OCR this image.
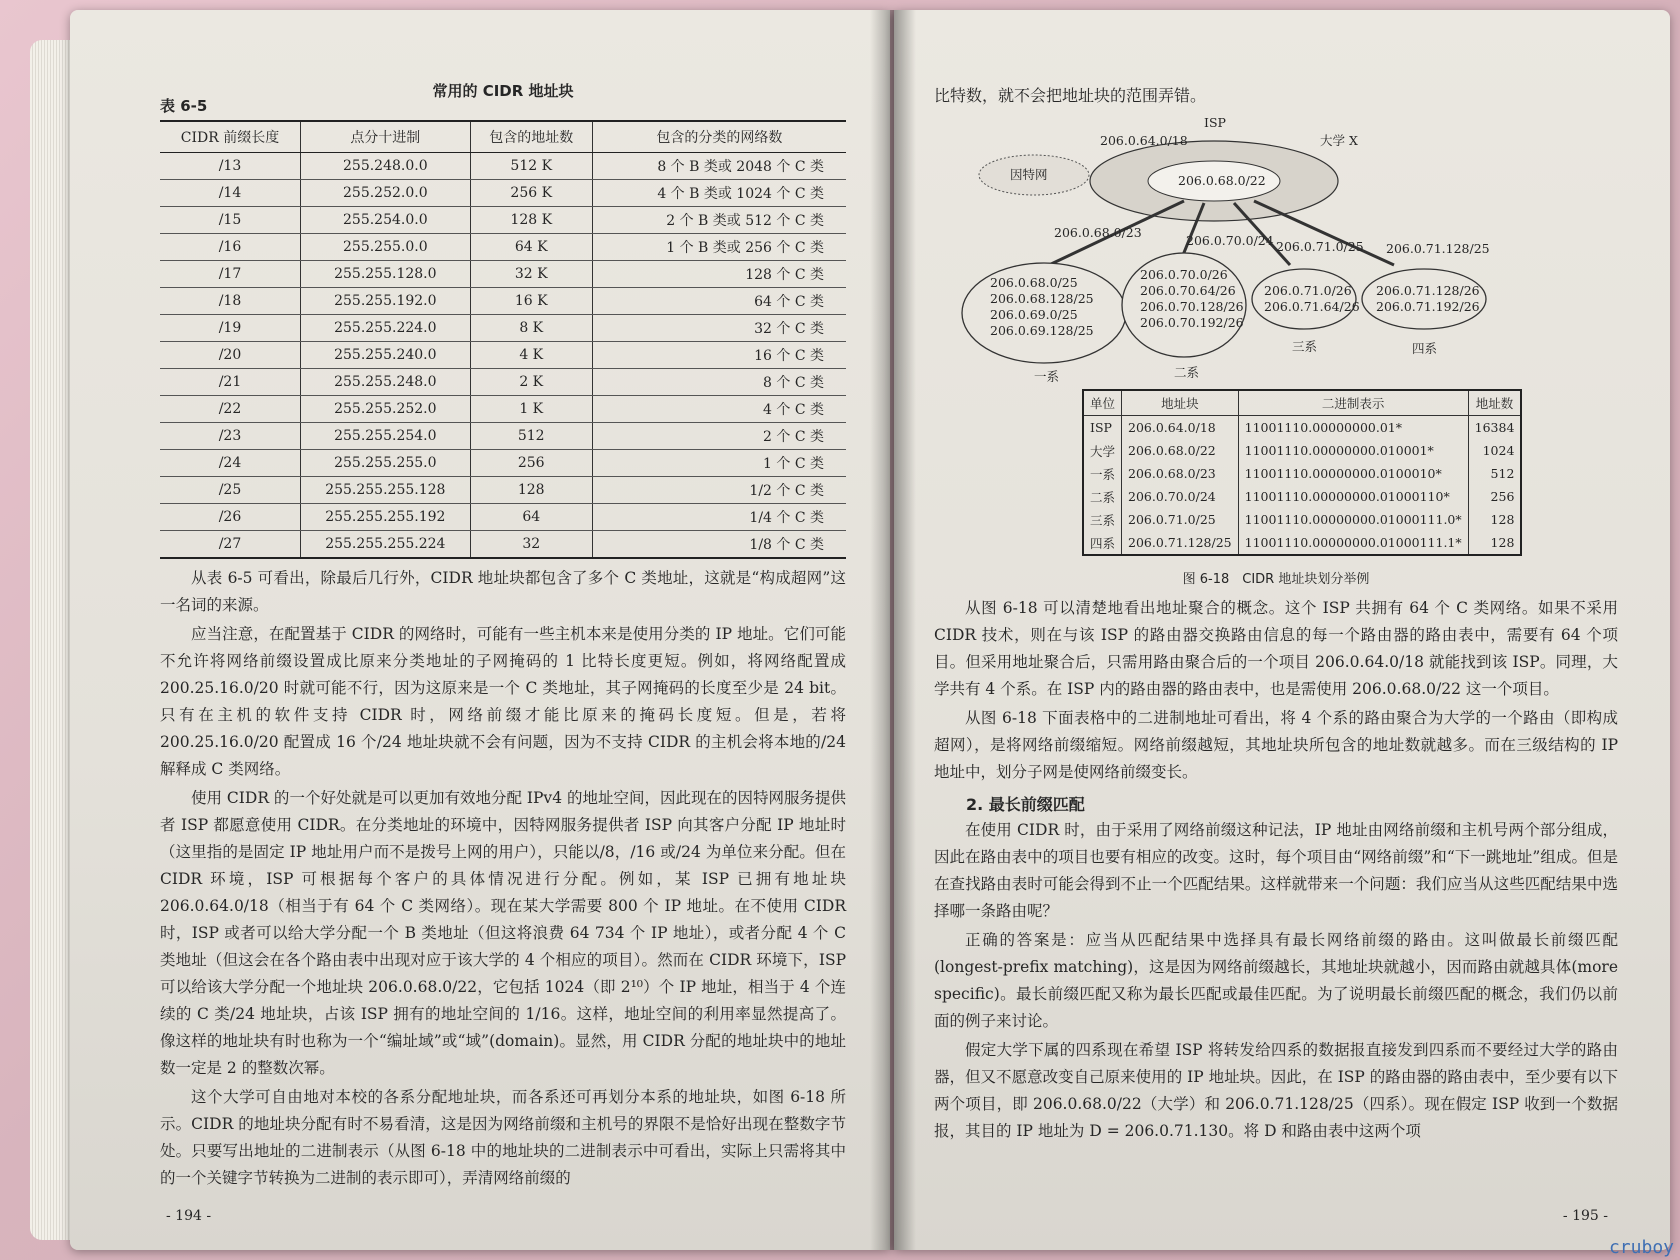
常用的 CIDR 地址块
表 6-5
CIDR 前缀长度	点分十进制	包含的地址数	包含的分类的网络数
/13	255.248.0.0	512 K	8 个 B 类或 2048 个 C 类
/14	255.252.0.0	256 K	4 个 B 类或 1024 个 C 类
/15	255.254.0.0	128 K	2 个 B 类或 512 个 C 类
/16	255.255.0.0	64 K	1 个 B 类或 256 个 C 类
/17	255.255.128.0	32 K	128 个 C 类
/18	255.255.192.0	16 K	64 个 C 类
/19	255.255.224.0	8 K	32 个 C 类
/20	255.255.240.0	4 K	16 个 C 类
/21	255.255.248.0	2 K	8 个 C 类
/22	255.255.252.0	1 K	4 个 C 类
/23	255.255.254.0	512	2 个 C 类
/24	255.255.255.0	256	1 个 C 类
/25	255.255.255.128	128	1/2 个 C 类
/26	255.255.255.192	64	1/4 个 C 类
/27	255.255.255.224	32	1/8 个 C 类

从表 6-5 可看出，除最后几行外，CIDR 地址块都包含了多个 C 类地址，这就是“构成超网”这一名词的来源。

应当注意，在配置基于 CIDR 的网络时，可能有一些主机本来是使用分类的 IP 地址。它们可能不允许将网络前缀设置成比原来分类地址的子网掩码的 1 比特长度更短。例如，将网络配置成 200.25.16.0/20 时就可能不行，因为这原来是一个 C 类地址，其子网掩码的长度至少是 24 bit。只有在主机的软件支持 CIDR 时，网络前缀才能比原来的掩码长度短。但是，若将 200.25.16.0/20 配置成 16 个/24 地址块就不会有问题，因为不支持 CIDR 的主机会将本地的/24 解释成 C 类网络。

使用 CIDR 的一个好处就是可以更加有效地分配 IPv4 的地址空间，因此现在的因特网服务提供者 ISP 都愿意使用 CIDR。在分类地址的环境中，因特网服务提供者 ISP 向其客户分配 IP 地址时（这里指的是固定 IP 地址用户而不是拨号上网的用户），只能以/8，/16 或/24 为单位来分配。但在 CIDR 环境，ISP 可根据每个客户的具体情况进行分配。例如，某 ISP 已拥有地址块 206.0.64.0/18（相当于有 64 个 C 类网络）。现在某大学需要 800 个 IP 地址。在不使用 CIDR 时，ISP 或者可以给大学分配一个 B 类地址（但这将浪费 64 734 个 IP 地址），或者分配 4 个 C 类地址（但这会在各个路由表中出现对应于该大学的 4 个相应的项目）。然而在 CIDR 环境下，ISP 可以给该大学分配一个地址块 206.0.68.0/22，它包括 1024（即 2¹⁰）个 IP 地址，相当于 4 个连续的 C 类/24 地址块，占该 ISP 拥有的地址空间的 1/16。这样，地址空间的利用率显然提高了。像这样的地址块有时也称为一个“编址域”或“域”(domain)。显然，用 CIDR 分配的地址块中的地址数一定是 2 的整数次幂。

这个大学可自由地对本校的各系分配地址块，而各系还可再划分本系的地址块，如图 6-18 所示。CIDR 的地址块分配有时不易看清，这是因为网络前缀和主机号的界限不是恰好出现在整数字节处。只要写出地址的二进制表示（从图 6-18 中的地址块的二进制表示中可看出，实际上只需将其中的一个关键字节转换为二进制的表示即可），弄清网络前缀的

- 194 -

比特数，就不会把地址块的范围弄错。

ISP
因特网
206.0.64.0/18	大学 X
206.0.68.0/22
206.0.68.0/23
206.0.70.0/24 206.0.71.0/25 206.0.71.128/25
206.0.68.0/25
206.0.68.128/25
206.0.69.0/25
206.0.69.128/25
206.0.70.0/26
206.0.70.64/26
206.0.70.128/26
206.0.70.192/26
206.0.71.0/26
206.0.71.64/26
206.0.71.128/26
206.0.71.192/26
一系	二系
三系	四系
单位	地址块	二进制表示	地址数
ISP	206.0.64.0/18	11001110.00000000.01*	16384
大学	206.0.68.0/22	11001110.00000000.010001*	1024
一系	206.0.68.0/23	11001110.00000000.0100010*	512
二系	206.0.70.0/24	11001110.00000000.01000110*	256
三系	206.0.71.0/25	11001110.00000000.01000111.0*	128
四系	206.0.71.128/25	11001110.00000000.01000111.1*	128
图 6-18　CIDR 地址块划分举例

从图 6-18 可以清楚地看出地址聚合的概念。这个 ISP 共拥有 64 个 C 类网络。如果不采用 CIDR 技术，则在与该 ISP 的路由器交换路由信息的每一个路由器的路由表中，需要有 64 个项目。但采用地址聚合后，只需用路由聚合后的一个项目 206.0.64.0/18 就能找到该 ISP。同理，大学共有 4 个系。在 ISP 内的路由器的路由表中，也是需使用 206.0.68.0/22 这一个项目。

从图 6-18 下面表格中的二进制地址可看出，将 4 个系的路由聚合为大学的一个路由（即构成超网），是将网络前缀缩短。网络前缀越短，其地址块所包含的地址数就越多。而在三级结构的 IP 地址中，划分子网是使网络前缀变长。

2. 最长前缀匹配

在使用 CIDR 时，由于采用了网络前缀这种记法，IP 地址由网络前缀和主机号两个部分组成，因此在路由表中的项目也要有相应的改变。这时，每个项目由“网络前缀”和“下一跳地址”组成。但是在查找路由表时可能会得到不止一个匹配结果。这样就带来一个问题：我们应当从这些匹配结果中选择哪一条路由呢？

正确的答案是：应当从匹配结果中选择具有最长网络前缀的路由。这叫做最长前缀匹配(longest-prefix matching)，这是因为网络前缀越长，其地址块就越小，因而路由就越具体(more specific)。最长前缀匹配又称为最长匹配或最佳匹配。为了说明最长前缀匹配的概念，我们仍以前面的例子来讨论。

假定大学下属的四系现在希望 ISP 将转发给四系的数据报直接发到四系而不要经过大学的路由器，但又不愿意改变自己原来使用的 IP 地址块。因此，在 ISP 的路由器的路由表中，至少要有以下两个项目，即 206.0.68.0/22（大学）和 206.0.71.128/25（四系）。现在假定 ISP 收到一个数据报，其目的 IP 地址为 D = 206.0.71.130。将 D 和路由表中这两个项

- 195 -
cruboy
